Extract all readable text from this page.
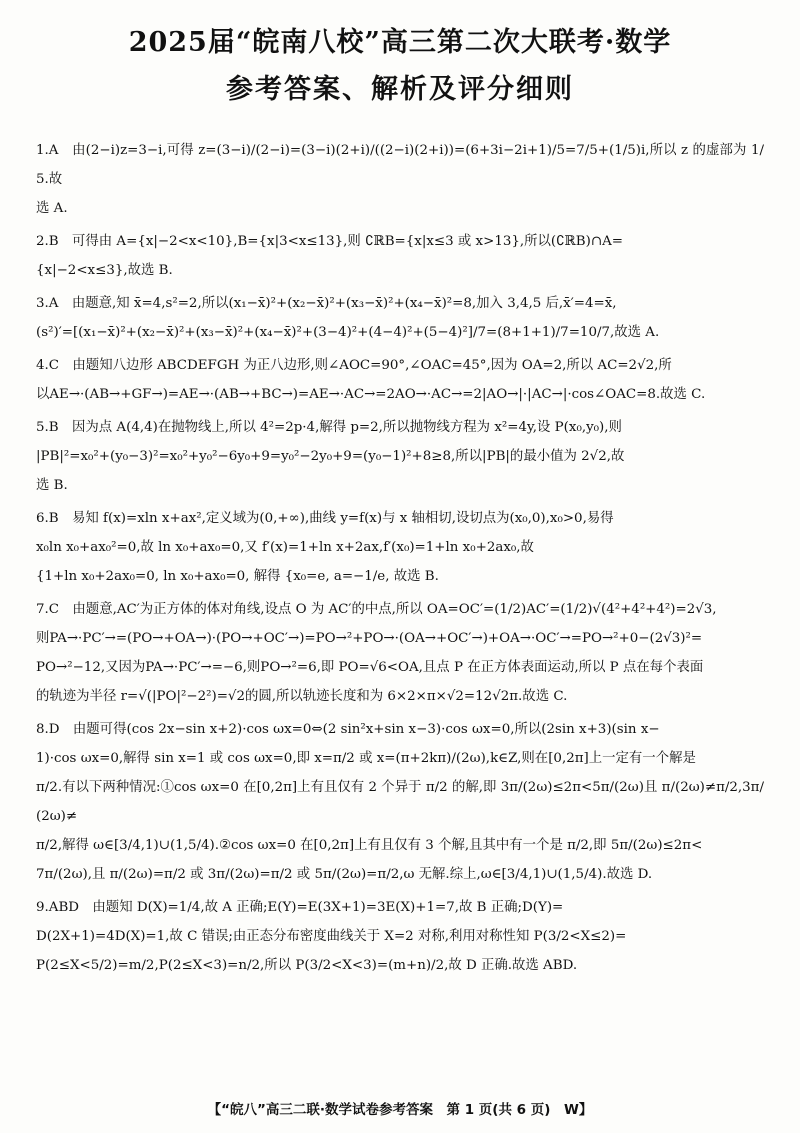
2025届“皖南八校”高三第二次大联考·数学
参考答案、解析及评分细则

1.A　由(2−i)z=3−i,可得 z=(3−i)/(2−i)=(3−i)(2+i)/((2−i)(2+i))=(6+3i−2i+1)/5=7/5+(1/5)i,所以 z 的虚部为 1/5.故

选 A.

2.B　可得由 A={x|−2<x<10},B={x|3<x≤13},则 ∁ℝB={x|x≤3 或 x>13},所以(∁ℝB)∩A=

{x|−2<x≤3},故选 B.

3.A　由题意,知 x̄=4,s²=2,所以(x₁−x̄)²+(x₂−x̄)²+(x₃−x̄)²+(x₄−x̄)²=8,加入 3,4,5 后,x̄′=4=x̄,

(s²)′=[(x₁−x̄)²+(x₂−x̄)²+(x₃−x̄)²+(x₄−x̄)²+(3−4)²+(4−4)²+(5−4)²]/7=(8+1+1)/7=10/7,故选 A.

4.C　由题知八边形 ABCDEFGH 为正八边形,则∠AOC=90°,∠OAC=45°,因为 OA=2,所以 AC=2√2,所

以AE→·(AB→+GF→)=AE→·(AB→+BC→)=AE→·AC→=2AO→·AC→=2|AO→|·|AC→|·cos∠OAC=8.故选 C.

5.B　因为点 A(4,4)在抛物线上,所以 4²=2p·4,解得 p=2,所以抛物线方程为 x²=4y,设 P(x₀,y₀),则

|PB|²=x₀²+(y₀−3)²=x₀²+y₀²−6y₀+9=y₀²−2y₀+9=(y₀−1)²+8≥8,所以|PB|的最小值为 2√2,故

选 B.

6.B　易知 f(x)=xln x+ax²,定义域为(0,+∞),曲线 y=f(x)与 x 轴相切,设切点为(x₀,0),x₀>0,易得

x₀ln x₀+ax₀²=0,故 ln x₀+ax₀=0,又 f′(x)=1+ln x+2ax,f′(x₀)=1+ln x₀+2ax₀,故

{1+ln x₀+2ax₀=0, ln x₀+ax₀=0, 解得 {x₀=e, a=−1/e, 故选 B.

7.C　由题意,AC′为正方体的体对角线,设点 O 为 AC′的中点,所以 OA=OC′=(1/2)AC′=(1/2)√(4²+4²+4²)=2√3,

则PA→·PC′→=(PO→+OA→)·(PO→+OC′→)=PO→²+PO→·(OA→+OC′→)+OA→·OC′→=PO→²+0−(2√3)²=

PO→²−12,又因为PA→·PC′→=−6,则PO→²=6,即 PO=√6<OA,且点 P 在正方体表面运动,所以 P 点在每个表面

的轨迹为半径 r=√(|PO|²−2²)=√2的圆,所以轨迹长度和为 6×2×π×√2=12√2π.故选 C.

8.D　由题可得(cos 2x−sin x+2)·cos ωx=0⇔(2 sin²x+sin x−3)·cos ωx=0,所以(2sin x+3)(sin x−

1)·cos ωx=0,解得 sin x=1 或 cos ωx=0,即 x=π/2 或 x=(π+2kπ)/(2ω),k∈Z,则在[0,2π]上一定有一个解是

π/2.有以下两种情况:①cos ωx=0 在[0,2π]上有且仅有 2 个异于 π/2 的解,即 3π/(2ω)≤2π<5π/(2ω)且 π/(2ω)≠π/2,3π/(2ω)≠

π/2,解得 ω∈[3/4,1)∪(1,5/4).②cos ωx=0 在[0,2π]上有且仅有 3 个解,且其中有一个是 π/2,即 5π/(2ω)≤2π<

7π/(2ω),且 π/(2ω)=π/2 或 3π/(2ω)=π/2 或 5π/(2ω)=π/2,ω 无解.综上,ω∈[3/4,1)∪(1,5/4).故选 D.

9.ABD　由题知 D(X)=1/4,故 A 正确;E(Y)=E(3X+1)=3E(X)+1=7,故 B 正确;D(Y)=

D(2X+1)=4D(X)=1,故 C 错误;由正态分布密度曲线关于 X=2 对称,利用对称性知 P(3/2<X≤2)=

P(2≤X<5/2)=m/2,P(2≤X<3)=n/2,所以 P(3/2<X<3)=(m+n)/2,故 D 正确.故选 ABD.

【“皖八”高三二联·数学试卷参考答案　第 1 页(共 6 页)　W】
